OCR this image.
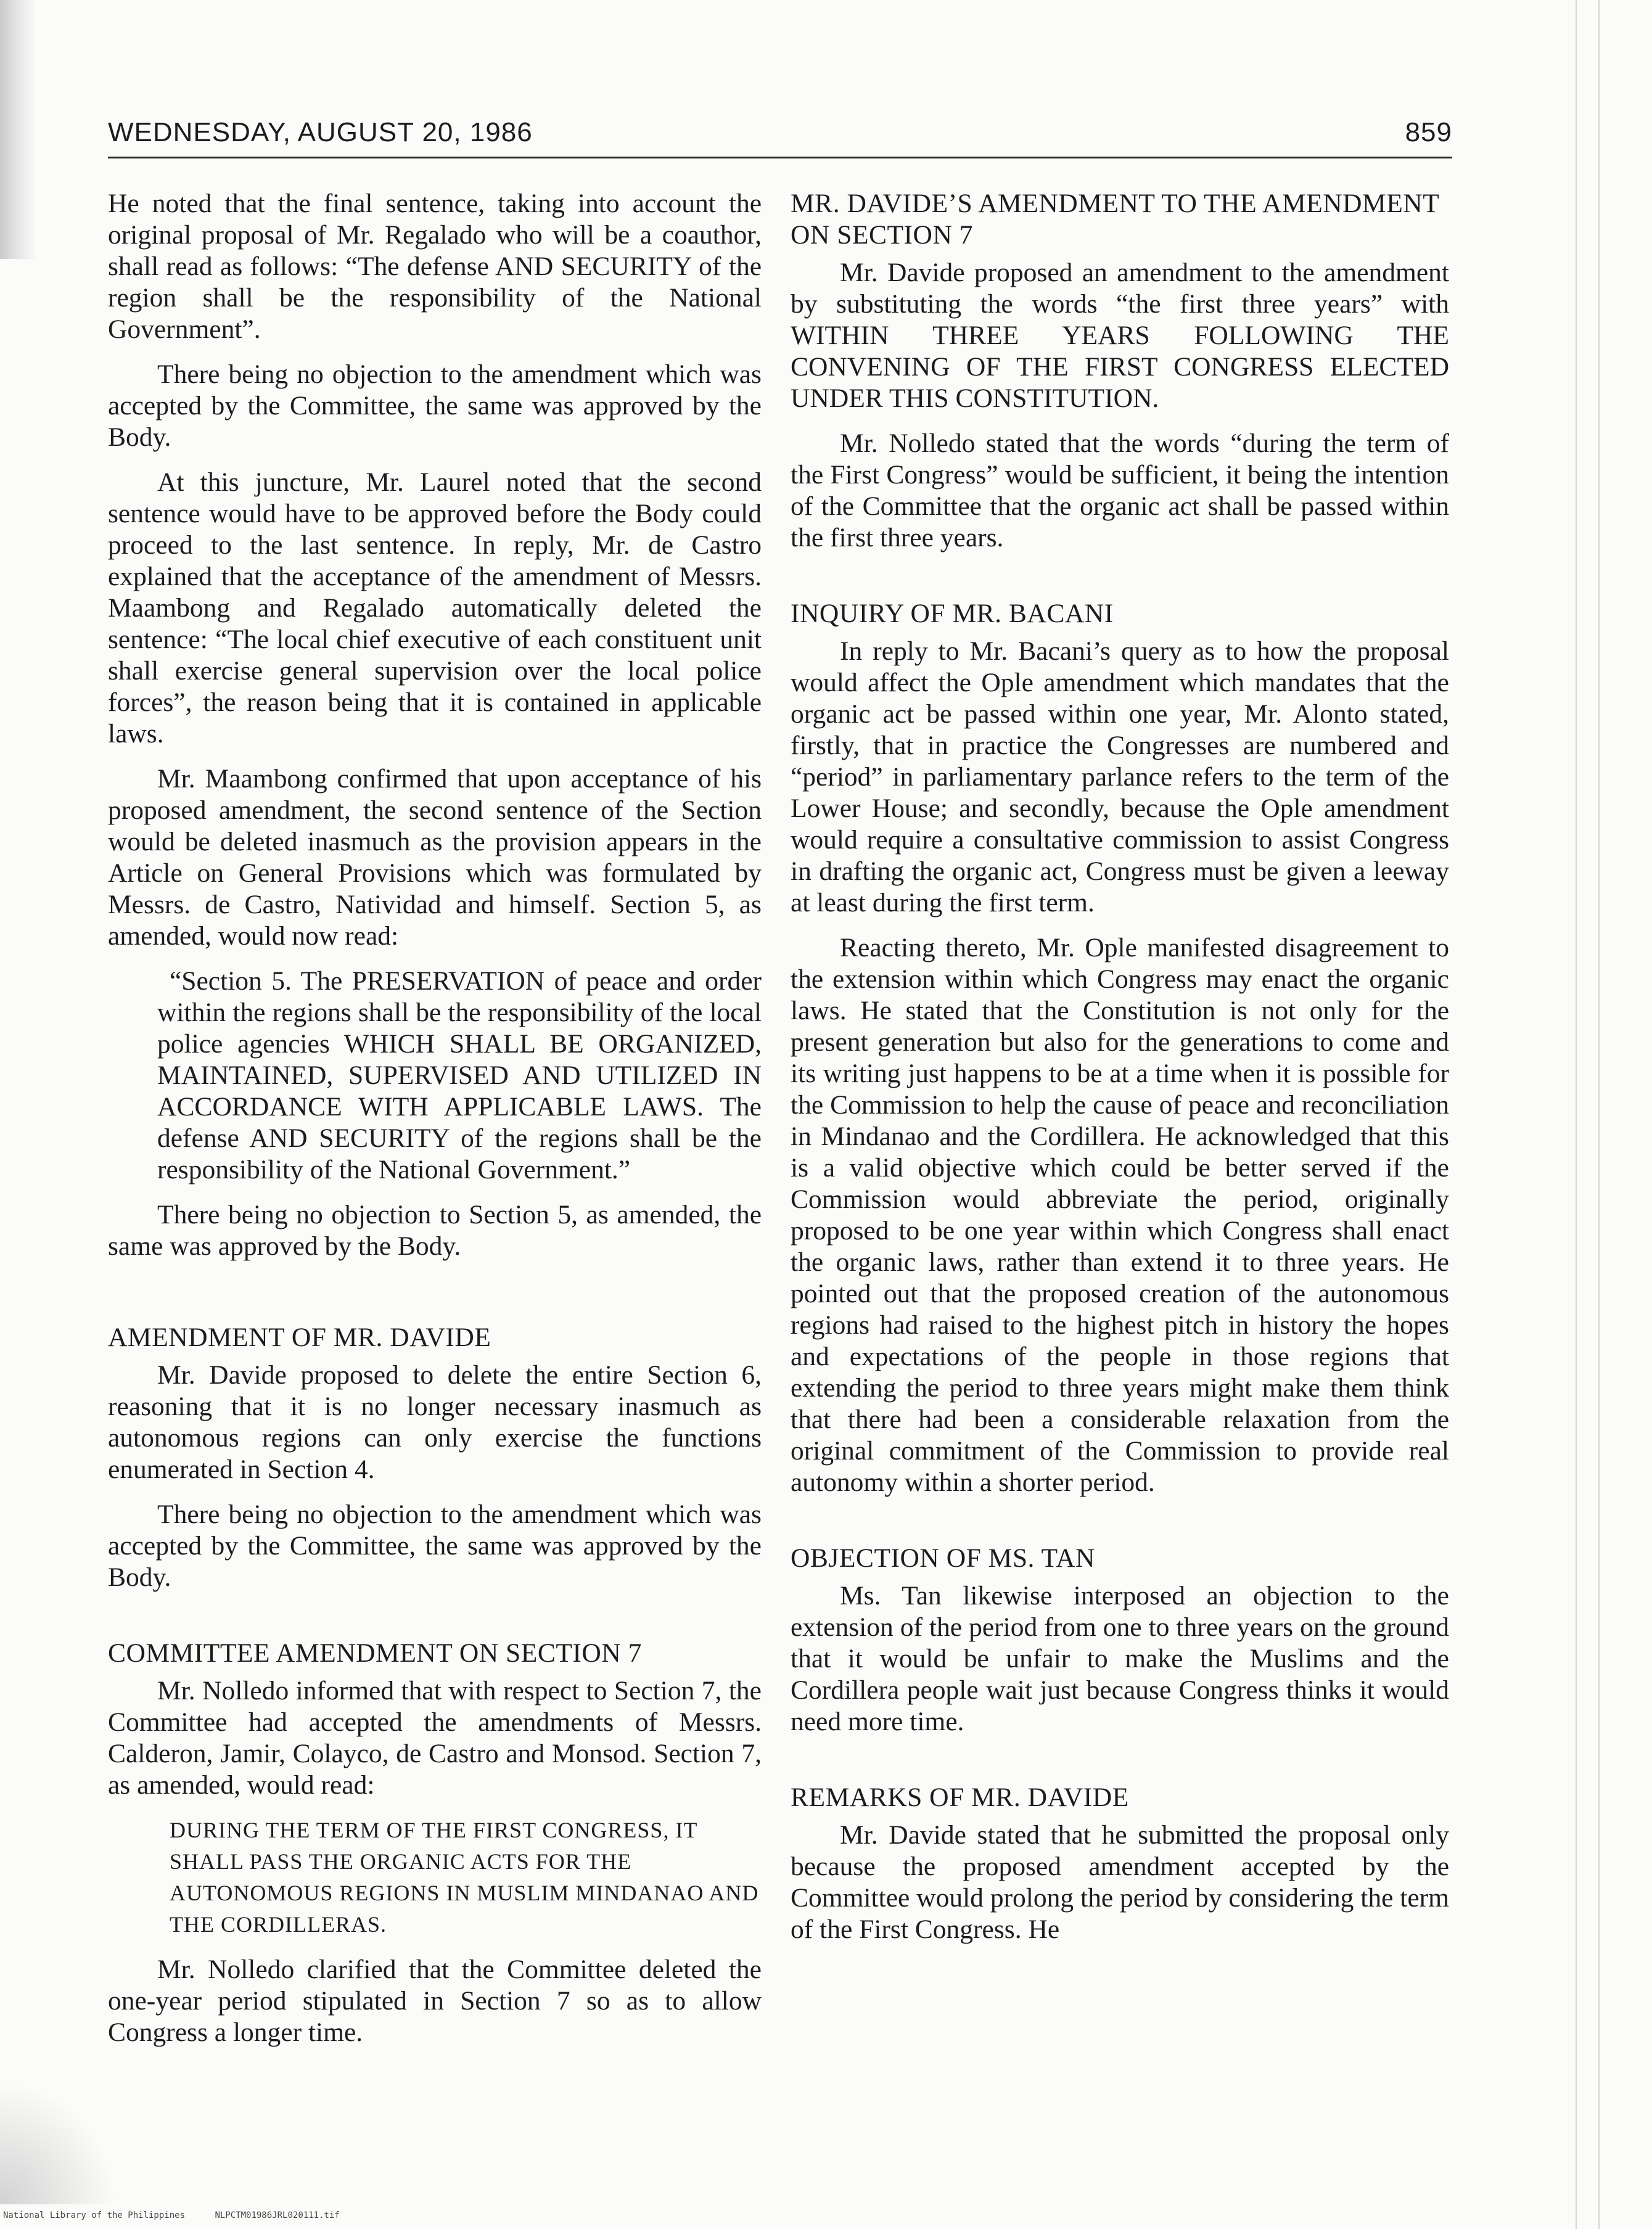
WEDNESDAY, AUGUST 20, 1986	859

He noted that the final sentence, taking into account the original proposal of Mr. Regalado who will be a coauthor, shall read as follows: “The defense AND SECURITY of the region shall be the responsibility of the National Government”.

There being no objection to the amendment which was accepted by the Committee, the same was approved by the Body.

At this juncture, Mr. Laurel noted that the second sentence would have to be approved before the Body could proceed to the last sentence. In reply, Mr. de Castro explained that the acceptance of the amendment of Messrs. Maambong and Regalado automatically deleted the sentence: “The local chief executive of each constituent unit shall exercise general supervision over the local police forces”, the reason being that it is contained in applicable laws.

Mr. Maambong confirmed that upon acceptance of his proposed amendment, the second sentence of the Section would be deleted inasmuch as the provision appears in the Article on General Provisions which was formulated by Messrs. de Castro, Natividad and himself. Section 5, as amended, would now read:

“Section 5. The PRESERVATION of peace and order within the regions shall be the responsibility of the local police agencies WHICH SHALL BE ORGANIZED, MAINTAINED, SUPERVISED AND UTILIZED IN ACCORDANCE WITH APPLICABLE LAWS. The defense AND SECURITY of the regions shall be the responsibility of the National Government.”

There being no objection to Section 5, as amended, the same was approved by the Body.

AMENDMENT OF MR. DAVIDE

Mr. Davide proposed to delete the entire Section 6, reasoning that it is no longer necessary inasmuch as autonomous regions can only exercise the functions enumerated in Section 4.

There being no objection to the amendment which was accepted by the Committee, the same was approved by the Body.

COMMITTEE AMENDMENT ON SECTION 7

Mr. Nolledo informed that with respect to Section 7, the Committee had accepted the amendments of Messrs. Calderon, Jamir, Colayco, de Castro and Monsod. Section 7, as amended, would read:

DURING THE TERM OF THE FIRST CONGRESS, IT SHALL PASS THE ORGANIC ACTS FOR THE AUTONOMOUS REGIONS IN MUSLIM MINDANAO AND THE CORDILLERAS.

Mr. Nolledo clarified that the Committee deleted the one-year period stipulated in Section 7 so as to allow Congress a longer time.

MR. DAVIDE’S AMENDMENT TO THE AMENDMENT ON SECTION 7

Mr. Davide proposed an amendment to the amendment by substituting the words “the first three years” with WITHIN THREE YEARS FOLLOWING THE CONVENING OF THE FIRST CONGRESS ELECTED UNDER THIS CONSTITUTION.

Mr. Nolledo stated that the words “during the term of the First Congress” would be sufficient, it being the intention of the Committee that the organic act shall be passed within the first three years.

INQUIRY OF MR. BACANI

In reply to Mr. Bacani’s query as to how the proposal would affect the Ople amendment which mandates that the organic act be passed within one year, Mr. Alonto stated, firstly, that in practice the Congresses are numbered and “period” in parliamentary parlance refers to the term of the Lower House; and secondly, because the Ople amendment would require a consultative commission to assist Congress in drafting the organic act, Congress must be given a leeway at least during the first term.

Reacting thereto, Mr. Ople manifested disagreement to the extension within which Congress may enact the organic laws. He stated that the Constitution is not only for the present generation but also for the generations to come and its writing just happens to be at a time when it is possible for the Commission to help the cause of peace and reconciliation in Mindanao and the Cordillera. He acknowledged that this is a valid objective which could be better served if the Commission would abbreviate the period, originally proposed to be one year within which Congress shall enact the organic laws, rather than extend it to three years. He pointed out that the proposed creation of the autonomous regions had raised to the highest pitch in history the hopes and expectations of the people in those regions that extending the period to three years might make them think that there had been a considerable relaxation from the original commitment of the Commission to provide real autonomy within a shorter period.

OBJECTION OF MS. TAN

Ms. Tan likewise interposed an objection to the extension of the period from one to three years on the ground that it would be unfair to make the Muslims and the Cordillera people wait just because Congress thinks it would need more time.

REMARKS OF MR. DAVIDE

Mr. Davide stated that he submitted the proposal only because the proposed amendment accepted by the Committee would prolong the period by considering the term of the First Congress. He

National Library of the Philippines	NLPCTM01986JRL020111.tif
